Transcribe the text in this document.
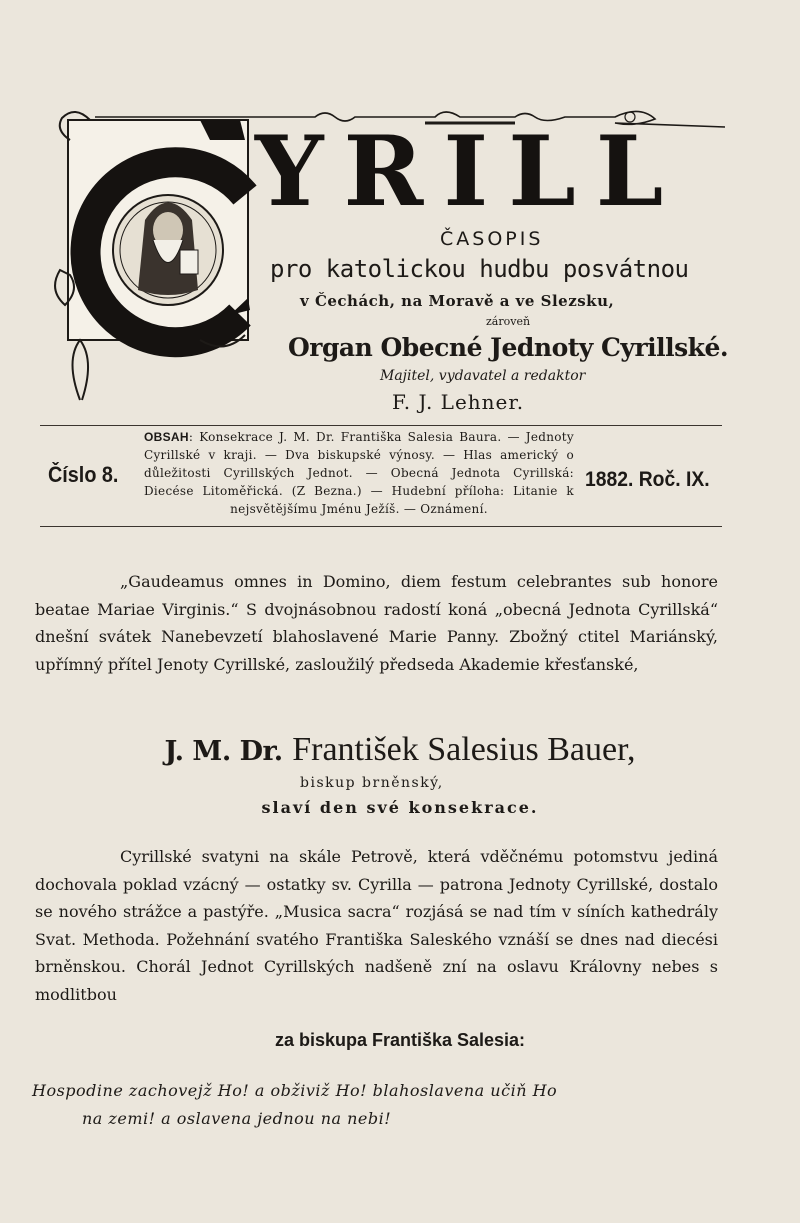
YRILL
ČASOPIS
pro katolickou hudbu posvátnou
v Čechách, na Moravě a ve Slezsku,
zároveň
Organ Obecné Jednoty Cyrillské.
Majitel, vydavatel a redaktor
F. J. Lehner.
Číslo 8.
OBSAH: Konsekrace J. M. Dr. Františka Salesia Baura. — Jednoty Cyrillské v kraji. — Dva biskupské výnosy. — Hlas americký o důležitosti Cyrillských Jednot. — Obecná Jednota Cyrillská: Diecése Litoměřická. (Z Bezna.) — Hudební příloha: Litanie k nejsvětějšímu Jménu Ježíš. — Oznámení.
1882. Roč. IX.
„Gaudeamus omnes in Domino, diem festum celebrantes sub honore beatae Mariae Virginis.“ S dvojnásobnou radostí koná „obecná Jednota Cyrillská“ dnešní svátek Nanebevzetí blahoslavené Marie Panny. Zbožný ctitel Mariánský, upřímný přítel Jenoty Cyrillské, zasloužilý předseda Akademie křesťanské,
J. M. Dr. František Salesius Bauer,
biskup brněnský,
slaví den své konsekrace.
Cyrillské svatyni na skále Petrově, která vděčnému potomstvu jediná dochovala poklad vzácný — ostatky sv. Cyrilla — patrona Jednoty Cyrillské, dostalo se nového strážce a pastýře. „Musica sacra“ rozjásá se nad tím v síních kathedrály Svat. Methoda. Požehnání svatého Františka Saleského vznáší se dnes nad diecési brněnskou. Chorál Jednot Cyrillských nadšeně zní na oslavu Královny nebes s modlitbou
za biskupa Františka Salesia:
Hospodine zachovejž Ho! a obživiž Ho! blahoslavena učiň Ho
na zemi! a oslavena jednou na nebi!
